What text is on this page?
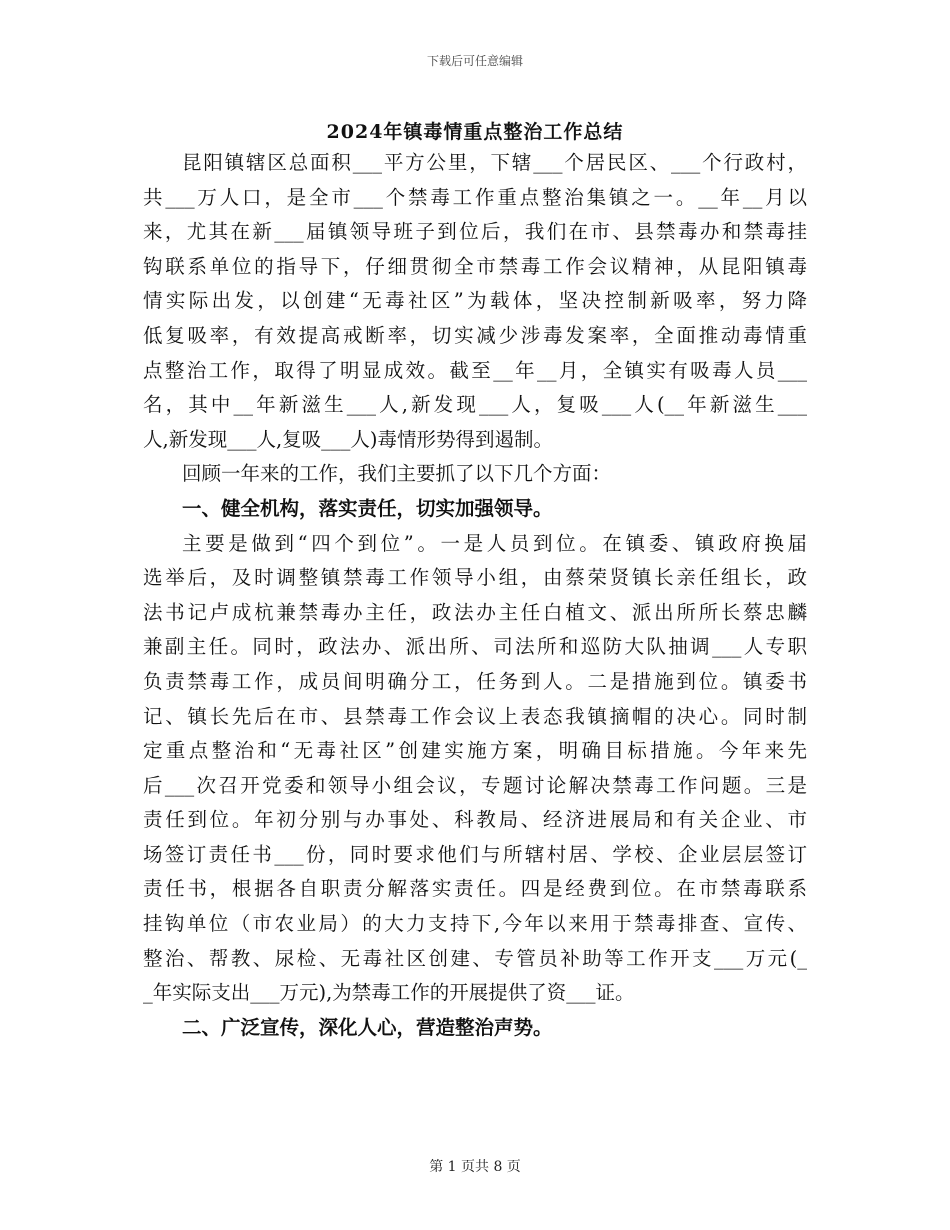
下载后可任意编辑
2024年镇毒情重点整治工作总结
昆阳镇辖区总面积___平方公里，下辖___个居民区、___个行政村，
共___万人口，是全市___个禁毒工作重点整治集镇之一。__年__月以
来，尤其在新___届镇领导班子到位后，我们在市、县禁毒办和禁毒挂
钩联系单位的指导下，仔细贯彻全市禁毒工作会议精神，从昆阳镇毒
情实际出发，以创建“无毒社区”为载体，坚决控制新吸率，努力降
低复吸率，有效提高戒断率，切实减少涉毒发案率，全面推动毒情重
点整治工作，取得了明显成效。截至__年__月，全镇实有吸毒人员___
名，其中__年新滋生___人,新发现___人，复吸___人(__年新滋生___
人,新发现___人,复吸___人)毒情形势得到遏制。
回顾一年来的工作，我们主要抓了以下几个方面：
一、健全机构，落实责任，切实加强领导。
主要是做到“四个到位”。一是人员到位。在镇委、镇政府换届
选举后，及时调整镇禁毒工作领导小组，由蔡荣贤镇长亲任组长，政
法书记卢成杭兼禁毒办主任，政法办主任白植文、派出所所长蔡忠麟
兼副主任。同时，政法办、派出所、司法所和巡防大队抽调___人专职
负责禁毒工作，成员间明确分工，任务到人。二是措施到位。镇委书
记、镇长先后在市、县禁毒工作会议上表态我镇摘帽的决心。同时制
定重点整治和“无毒社区”创建实施方案，明确目标措施。今年来先
后___次召开党委和领导小组会议，专题讨论解决禁毒工作问题。三是
责任到位。年初分别与办事处、科教局、经济进展局和有关企业、市
场签订责任书___份，同时要求他们与所辖村居、学校、企业层层签订
责任书，根据各自职责分解落实责任。四是经费到位。在市禁毒联系
挂钩单位（市农业局）的大力支持下,今年以来用于禁毒排查、宣传、
整治、帮教、尿检、无毒社区创建、专管员补助等工作开支___万元(_
_年实际支出___万元),为禁毒工作的开展提供了资___证。
二、广泛宣传，深化人心，营造整治声势。
第 1 页共 8 页
